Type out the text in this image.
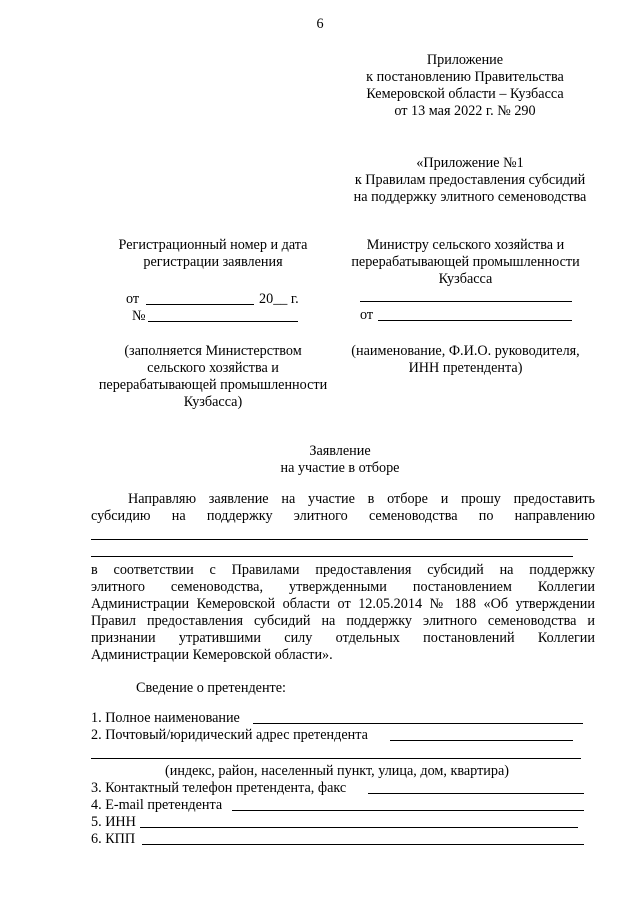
6
Приложение
к постановлению Правительства
Кемеровской области – Кузбасса
от 13 мая 2022 г. № 290
«Приложение №1
к Правилам предоставления субсидий
на поддержку элитного семеноводства
Регистрационный номер и дата
регистрации заявления
от	20__ г.
№
(заполняется Министерством
сельского хозяйства и
перерабатывающей промышленности
Кузбасса)
Министру сельского хозяйства и
перерабатывающей промышленности
Кузбасса
от
(наименование, Ф.И.О. руководителя,
ИНН претендента)
Заявление
на участие в отборе
Направляю заявление на участие в отборе и прошу предоставить
субсидию на поддержку элитного семеноводства по направлению
в соответствии с Правилами предоставления субсидий на поддержку
элитного семеноводства, утвержденными постановлением Коллегии
Администрации Кемеровской области от 12.05.2014 № 188 «Об утверждении
Правил предоставления субсидий на поддержку элитного семеноводства и
признании утратившими силу отдельных постановлений Коллегии
Администрации Кемеровской области».
Сведение о претенденте:
1. Полное наименование
2. Почтовый/юридический адрес претендента
(индекс, район, населенный пункт, улица, дом, квартира)
3. Контактный телефон претендента, факс
4. E-mail претендента
5. ИНН
6. КПП
